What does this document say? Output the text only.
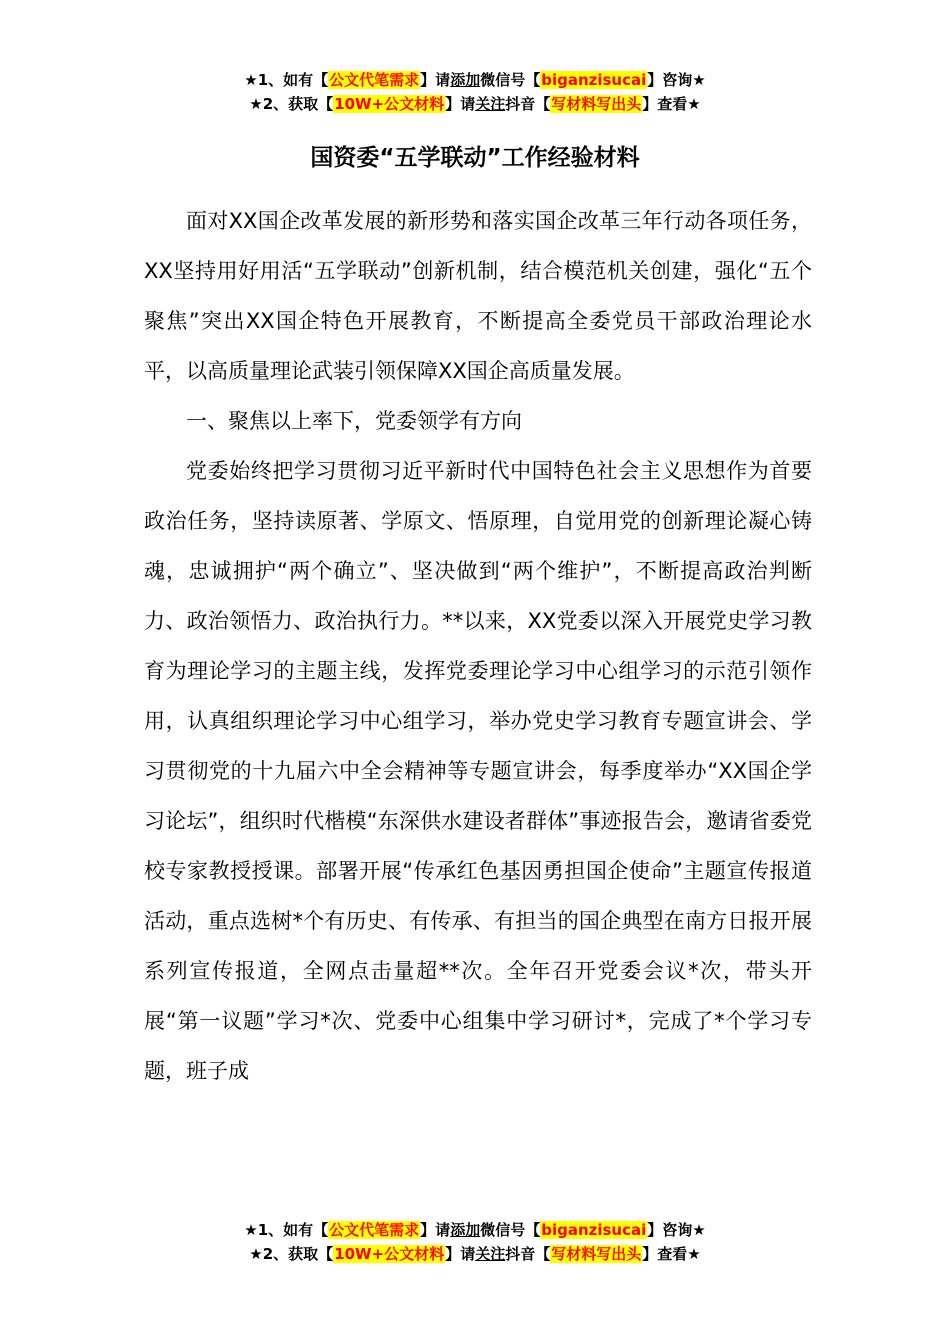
★1、如有【公文代笔需求】请添加微信号【biganzisucai】咨询★
★2、获取【10W+公文材料】请关注抖音【写材料写出头】查看★
国资委“五学联动”工作经验材料

面对XX国企改革发展的新形势和落实国企改革三年行动各项任务，XX坚持用好用活“五学联动”创新机制，结合模范机关创建，强化“五个聚焦”突出XX国企特色开展教育，不断提高全委党员干部政治理论水平，以高质量理论武装引领保障XX国企高质量发展。

一、聚焦以上率下，党委领学有方向

党委始终把学习贯彻习近平新时代中国特色社会主义思想作为首要政治任务，坚持读原著、学原文、悟原理，自觉用党的创新理论凝心铸魂，忠诚拥护“两个确立”、坚决做到“两个维护”，不断提高政治判断力、政治领悟力、政治执行力。**以来，XX党委以深入开展党史学习教育为理论学习的主题主线，发挥党委理论学习中心组学习的示范引领作用，认真组织理论学习中心组学习，举办党史学习教育专题宣讲会、学习贯彻党的十九届六中全会精神等专题宣讲会，每季度举办“XX国企学习论坛”，组织时代楷模“东深供水建设者群体”事迹报告会，邀请省委党校专家教授授课。部署开展“传承红色基因勇担国企使命”主题宣传报道活动，重点选树*个有历史、有传承、有担当的国企典型在南方日报开展系列宣传报道，全网点击量超**次。全年召开党委会议*次，带头开展“第一议题”学习*次、党委中心组集中学习研讨*，完成了*个学习专题，班子成

★1、如有【公文代笔需求】请添加微信号【biganzisucai】咨询★
★2、获取【10W+公文材料】请关注抖音【写材料写出头】查看★
